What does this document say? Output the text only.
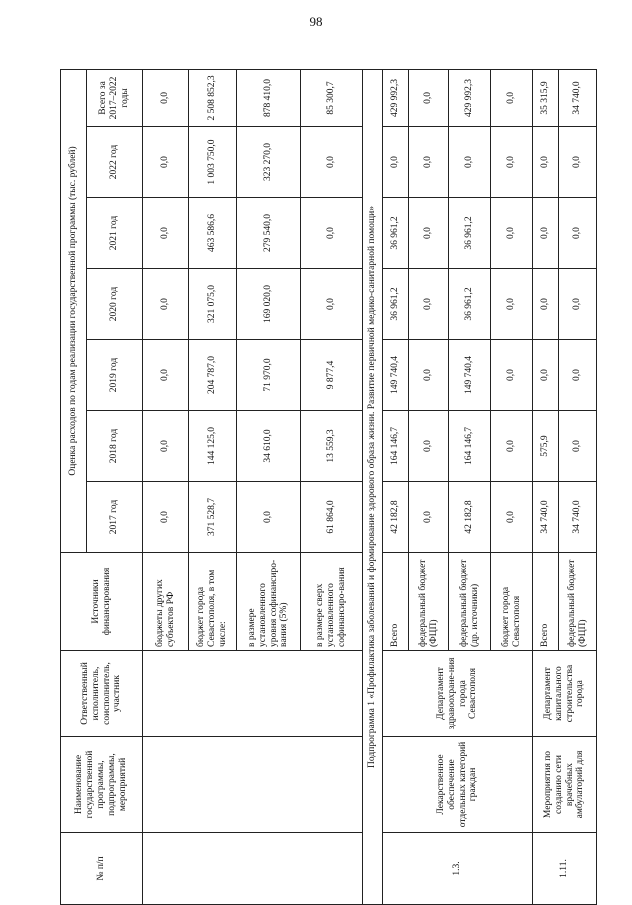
98
№ п/п	Наименование государственной программы, подпрограммы, мероприятий	Ответственный исполнитель, соисполнитель, участник	Источники финансирования	Оценка расходов по годам реализации государственной программы (тыс. рублей)						
				2017 год	2018 год	2019 год	2020 год	2021 год	2022 год	Всего за 2017–2022 годы
			бюджеты других субъектов РФ	0,0	0,0	0,0	0,0	0,0	0,0	0,0
			бюджет города Севастополя, в том числе:	371 528,7	144 125,0	204 787,0	321 075,0	463 586,6	1 003 750,0	2 508 852,3
			в размере установленного уровня софинансиро-вания (5%)	0,0	34 610,0	71 970,0	169 020,0	279 540,0	323 270,0	878 410,0
			в размере сверх установленного софинансиро-вания	61 864,0	13 559,3	9 877,4	0,0	0,0	0,0	85 300,7
Подпрограмма 1 «Профилактика заболеваний и формирование здорового образа жизни. Развитие первичной медико-санитарной помощи»										
1.3.	Лекарственное обеспечение отдельных категорий граждан	Департамент здравоохране-ния города Севастополя	Всего	42 182,8	164 146,7	149 740,4	36 961,2	36 961,2	0,0	429 992,3
			федеральный бюджет (ФЦП)	0,0	0,0	0,0	0,0	0,0	0,0	0,0
			федеральный бюджет (др. источники)	42 182,8	164 146,7	149 740,4	36 961,2	36 961,2	0,0	429 992,3
			бюджет города Севастополя	0,0	0,0	0,0	0,0	0,0	0,0	0,0
1.11.	Мероприятия по созданию сети врачебных амбулаторий для	Департамент капитального строительства города	Всего	34 740,0	575,9	0,0	0,0	0,0	0,0	35 315,9
			федеральный бюджет (ФЦП)	34 740,0	0,0	0,0	0,0	0,0	0,0	34 740,0
